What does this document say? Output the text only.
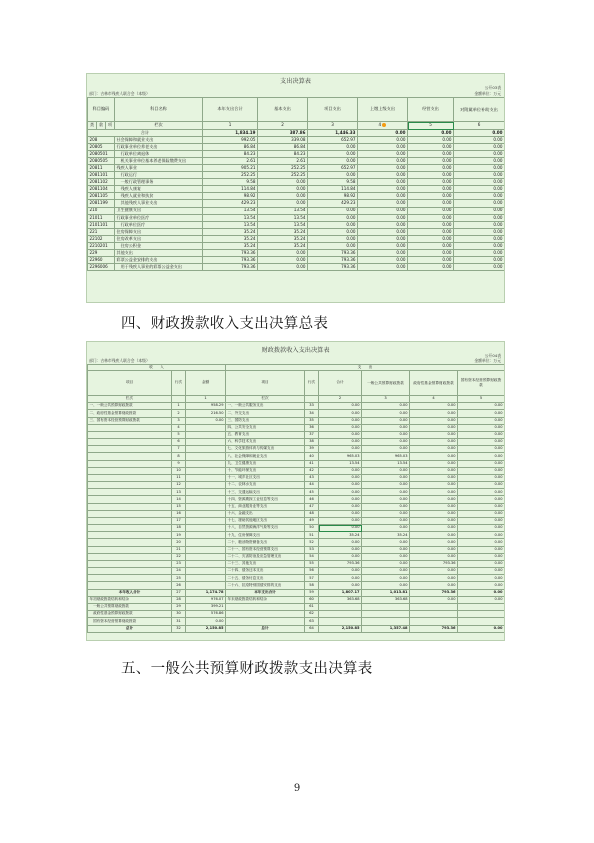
支出决算表
公开03表
部门：吉林市残疾人联合会（本级）	金额单位：万元
科目编码			科目名称	本年支出合计	基本支出	项目支出	上缴上级支出	经营支出	对附属单位补助支出
类	款	项	栏次	1	2	3	4	5	6
合计				1,834.19	387.86	1,446.33	0.00	0.00	0.00
208			社会保障和就业支出	992.05	339.08	652.97	0.00	0.00	0.00
20805			行政事业单位养老支出	86.84	86.84	0.00	0.00	0.00	0.00
2080501			　行政单位离退休	84.23	84.23	0.00	0.00	0.00	0.00
2080505			　机关事业单位基本养老保险缴费支出	2.61	2.61	0.00	0.00	0.00	0.00
20811			残疾人事业	905.21	252.25	652.97	0.00	0.00	0.00
2081101			　行政运行	252.25	252.25	0.00	0.00	0.00	0.00
2081102			　一般行政管理事务	9.58	0.00	9.58	0.00	0.00	0.00
2081104			　残疾人康复	114.84	0.00	114.84	0.00	0.00	0.00
2081105			　残疾人就业和扶贫	98.92	0.00	98.92	0.00	0.00	0.00
2081199			　其他残疾人事业支出	429.23	0.00	429.23	0.00	0.00	0.00
210			卫生健康支出	13.54	13.54	0.00	0.00	0.00	0.00
21011			行政事业单位医疗	13.54	13.54	0.00	0.00	0.00	0.00
2101101			　行政单位医疗	13.54	13.54	0.00	0.00	0.00	0.00
221			住房保障支出	35.24	35.24	0.00	0.00	0.00	0.00
22102			住房改革支出	35.24	35.24	0.00	0.00	0.00	0.00
2210201			　住房公积金	35.24	35.24	0.00	0.00	0.00	0.00
229			其他支出	793.36	0.00	793.36	0.00	0.00	0.00
22960			彩票公益金安排的支出	793.36	0.00	793.36	0.00	0.00	0.00
2296006			　用于残疾人事业的彩票公益金支出	793.36	0.00	793.36	0.00	0.00	0.00
四、财政拨款收入支出决算总表
财政拨款收入支出决算表
公开04表
部门：吉林市残疾人联合会（本级）	金额单位：万元
收　　入			支　　出					
项目	行次	金额	项目	行次	合计	一般公共预算财政拨款	政府性基金预算财政拨款	国有资本经营预算财政拨款
栏次		1	栏次		2	3	4	5
一、一般公共预算财政拨款	1	958.29	一、一般公共服务支出	33	0.00	0.00	0.00	0.00
二、政府性基金预算财政拨款	2	216.50	二、外交支出	34	0.00	0.00	0.00	0.00
三、国有资本经营预算财政拨款	3	0.00	三、国防支出	35	0.00	0.00	0.00	0.00
	4		四、公共安全支出	36	0.00	0.00	0.00	0.00
	5		五、教育支出	37	0.00	0.00	0.00	0.00
	6		六、科学技术支出	38	0.00	0.00	0.00	0.00
	7		七、文化旅游体育与传媒支出	39	0.00	0.00	0.00	0.00
	8		八、社会保障和就业支出	40	965.03	965.03	0.00	0.00
	9		九、卫生健康支出	41	13.54	13.54	0.00	0.00
	10		十、节能环保支出	42	0.00	0.00	0.00	0.00
	11		十一、城乡社区支出	43	0.00	0.00	0.00	0.00
	12		十二、农林水支出	44	0.00	0.00	0.00	0.00
	13		十三、交通运输支出	45	0.00	0.00	0.00	0.00
	14		十四、资源勘探工业信息等支出	46	0.00	0.00	0.00	0.00
	15		十五、商业服务业等支出	47	0.00	0.00	0.00	0.00
	16		十六、金融支出	48	0.00	0.00	0.00	0.00
	17		十七、援助其他地区支出	49	0.00	0.00	0.00	0.00
	18		十八、自然资源海洋气象等支出	50	0.00	0.00	0.00	0.00
	19		十九、住房保障支出	51	35.24	35.24	0.00	0.00
	20		二十、粮油物资储备支出	52	0.00	0.00	0.00	0.00
	21		二十一、国有资本经营预算支出	53	0.00	0.00	0.00	0.00
	22		二十二、灾害防治及应急管理支出	54	0.00	0.00	0.00	0.00
	23		二十三、其他支出	55	793.36	0.00	793.36	0.00
	24		二十四、债务还本支出	56	0.00	0.00	0.00	0.00
	25		二十五、债务付息支出	57	0.00	0.00	0.00	0.00
	26		二十六、抗疫特别国债安排的支出	58	0.00	0.00	0.00	0.00
本年收入合计	27	1,174.78	本年支出合计	59	1,807.17	1,013.81	793.36	0.00
年初财政拨款结转和结余	28	976.07	年末财政拨款结转和结余	60	363.68	363.68	0.00	0.00
　一般公共预算财政拨款	29	399.21		61				
　政府性基金预算财政拨款	30	576.86		62				
　国有资本经营预算财政拨款	31	0.00		63				
总计	32	2,150.85	总计	64	2,150.85	1,357.48	793.36	0.00
五、一般公共预算财政拨款支出决算表
9
